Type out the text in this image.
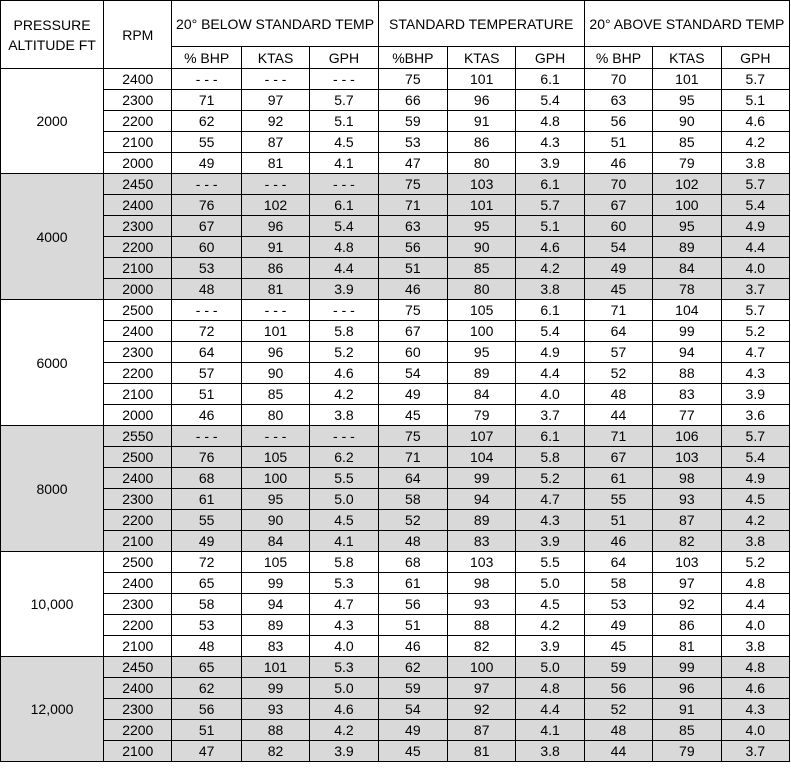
PRESSURE ALTITUDE FT	RPM	20° BELOW STANDARD TEMP			STANDARD TEMPERATURE			20° ABOVE STANDARD TEMP		
		% BHP	KTAS	GPH	%BHP	KTAS	GPH	% BHP	KTAS	GPH
2000	2400	- - -	- - -	- - -	75	101	6.1	70	101	5.7
	2300	71	97	5.7	66	96	5.4	63	95	5.1
	2200	62	92	5.1	59	91	4.8	56	90	4.6
	2100	55	87	4.5	53	86	4.3	51	85	4.2
	2000	49	81	4.1	47	80	3.9	46	79	3.8
4000	2450	- - -	- - -	- - -	75	103	6.1	70	102	5.7
	2400	76	102	6.1	71	101	5.7	67	100	5.4
	2300	67	96	5.4	63	95	5.1	60	95	4.9
	2200	60	91	4.8	56	90	4.6	54	89	4.4
	2100	53	86	4.4	51	85	4.2	49	84	4.0
	2000	48	81	3.9	46	80	3.8	45	78	3.7
6000	2500	- - -	- - -	- - -	75	105	6.1	71	104	5.7
	2400	72	101	5.8	67	100	5.4	64	99	5.2
	2300	64	96	5.2	60	95	4.9	57	94	4.7
	2200	57	90	4.6	54	89	4.4	52	88	4.3
	2100	51	85	4.2	49	84	4.0	48	83	3.9
	2000	46	80	3.8	45	79	3.7	44	77	3.6
8000	2550	- - -	- - -	- - -	75	107	6.1	71	106	5.7
	2500	76	105	6.2	71	104	5.8	67	103	5.4
	2400	68	100	5.5	64	99	5.2	61	98	4.9
	2300	61	95	5.0	58	94	4.7	55	93	4.5
	2200	55	90	4.5	52	89	4.3	51	87	4.2
	2100	49	84	4.1	48	83	3.9	46	82	3.8
10,000	2500	72	105	5.8	68	103	5.5	64	103	5.2
	2400	65	99	5.3	61	98	5.0	58	97	4.8
	2300	58	94	4.7	56	93	4.5	53	92	4.4
	2200	53	89	4.3	51	88	4.2	49	86	4.0
	2100	48	83	4.0	46	82	3.9	45	81	3.8
12,000	2450	65	101	5.3	62	100	5.0	59	99	4.8
	2400	62	99	5.0	59	97	4.8	56	96	4.6
	2300	56	93	4.6	54	92	4.4	52	91	4.3
	2200	51	88	4.2	49	87	4.1	48	85	4.0
	2100	47	82	3.9	45	81	3.8	44	79	3.7
